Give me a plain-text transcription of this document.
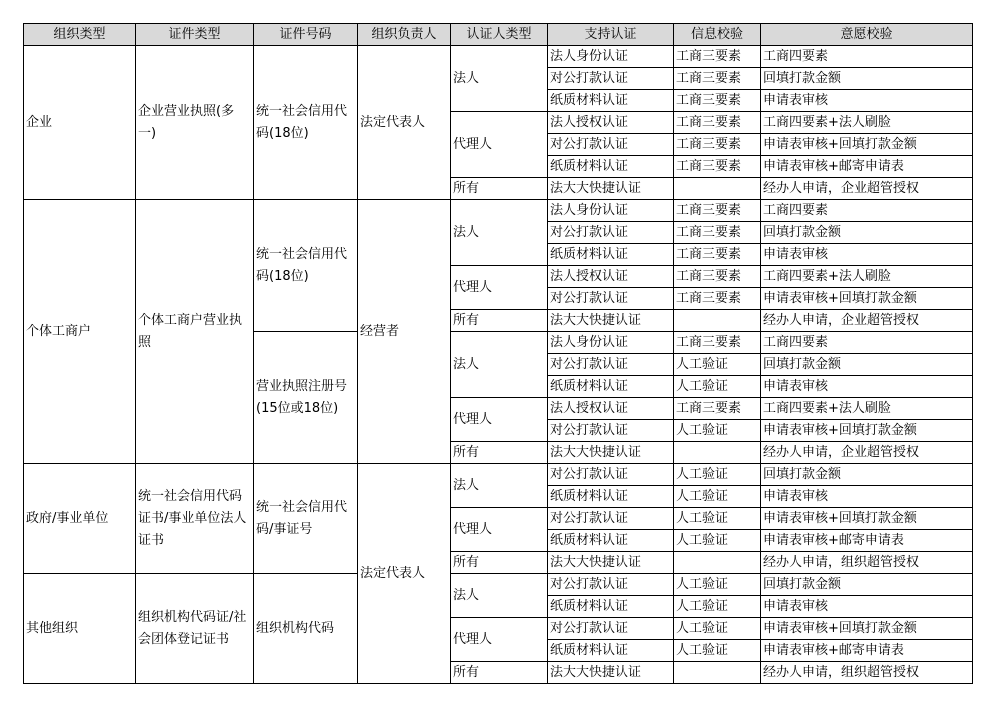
组织类型	证件类型	证件号码	组织负责人	认证人类型	支持认证	信息校验	意愿校验
企业	企业营业执照(多一)	统一社会信用代码(18位)	法定代表人	法人	法人身份认证	工商三要素	工商四要素
					对公打款认证	工商三要素	回填打款金额
					纸质材料认证	工商三要素	申请表审核
				代理人	法人授权认证	工商三要素	工商四要素+法人刷脸
					对公打款认证	工商三要素	申请表审核+回填打款金额
					纸质材料认证	工商三要素	申请表审核+邮寄申请表
				所有	法大大快捷认证		经办人申请，企业超管授权
个体工商户	个体工商户营业执照	统一社会信用代码(18位)	经营者	法人	法人身份认证	工商三要素	工商四要素
					对公打款认证	工商三要素	回填打款金额
					纸质材料认证	工商三要素	申请表审核
				代理人	法人授权认证	工商三要素	工商四要素+法人刷脸
					对公打款认证	工商三要素	申请表审核+回填打款金额
				所有	法大大快捷认证		经办人申请，企业超管授权
		营业执照注册号(15位或18位)		法人	法人身份认证	工商三要素	工商四要素
					对公打款认证	人工验证	回填打款金额
					纸质材料认证	人工验证	申请表审核
				代理人	法人授权认证	工商三要素	工商四要素+法人刷脸
					对公打款认证	人工验证	申请表审核+回填打款金额
				所有	法大大快捷认证		经办人申请，企业超管授权
政府/事业单位	统一社会信用代码证书/事业单位法人证书	统一社会信用代码/事证号	法定代表人	法人	对公打款认证	人工验证	回填打款金额
					纸质材料认证	人工验证	申请表审核
				代理人	对公打款认证	人工验证	申请表审核+回填打款金额
					纸质材料认证	人工验证	申请表审核+邮寄申请表
				所有	法大大快捷认证		经办人申请，组织超管授权
其他组织	组织机构代码证/社会团体登记证书	组织机构代码		法人	对公打款认证	人工验证	回填打款金额
					纸质材料认证	人工验证	申请表审核
				代理人	对公打款认证	人工验证	申请表审核+回填打款金额
					纸质材料认证	人工验证	申请表审核+邮寄申请表
				所有	法大大快捷认证		经办人申请，组织超管授权
